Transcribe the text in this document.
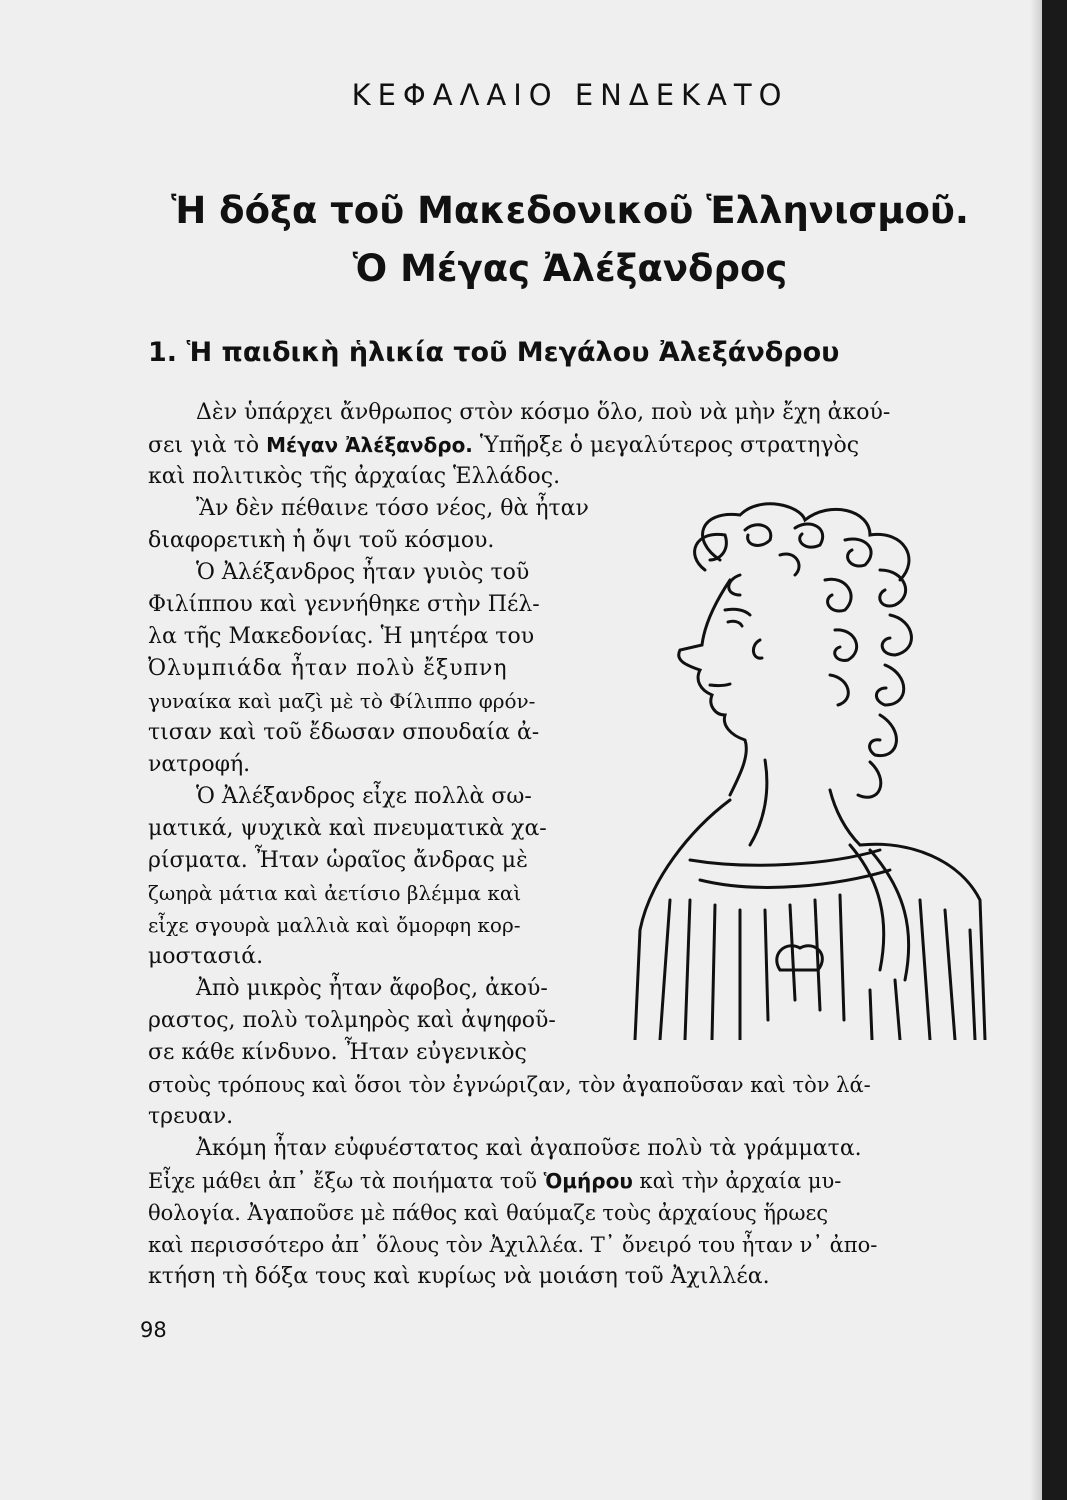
ΚΕΦΑΛΑΙΟ ΕΝΔΕΚΑΤΟ
Ἡ δόξα τοῦ Μακεδονικοῦ Ἑλληνισμοῦ.
Ὁ Μέγας Ἀλέξανδρος
1. Ἡ παιδικὴ ἡλικία τοῦ Μεγάλου Ἀλεξάνδρου
Δὲν ὑπάρχει ἄνθρωπος στὸν κόσμο ὅλο, ποὺ νὰ μὴν ἔχη ἀκού-
σει γιὰ τὸ Μέγαν Ἀλέξανδρο. Ὑπῆρξε ὁ μεγαλύτερος στρατηγὸς
καὶ πολιτικὸς τῆς ἀρχαίας Ἑλλάδος.
Ἂν δὲν πέθαινε τόσο νέος, θὰ ἦταν
διαφορετικὴ ἡ ὄψι τοῦ κόσμου.
Ὁ Ἀλέξανδρος ἦταν γυιὸς τοῦ
Φιλίππου καὶ γεννήθηκε στὴν Πέλ-
λα τῆς Μακεδονίας. Ἡ μητέρα του
Ὀλυμπιάδα ἦταν πολὺ ἔξυπνη
γυναίκα καὶ μαζὶ μὲ τὸ Φίλιππο φρόν-
τισαν καὶ τοῦ ἔδωσαν σπουδαία ἀ-
νατροφή.
Ὁ Ἀλέξανδρος εἶχε πολλὰ σω-
ματικά, ψυχικὰ καὶ πνευματικὰ χα-
ρίσματα. Ἦταν ὡραῖος ἄνδρας μὲ
ζωηρὰ μάτια καὶ ἀετίσιο βλέμμα καὶ
εἶχε σγουρὰ μαλλιὰ καὶ ὄμορφη κορ-
μοστασιά.
Ἀπὸ μικρὸς ἦταν ἄφοβος, ἀκού-
ραστος, πολὺ τολμηρὸς καὶ ἀψηφοῦ-
σε κάθε κίνδυνο. Ἦταν εὐγενικὸς
στοὺς τρόπους καὶ ὅσοι τὸν ἐγνώριζαν, τὸν ἀγαποῦσαν καὶ τὸν λά-
τρευαν.
Ἀκόμη ἦταν εὐφυέστατος καὶ ἀγαποῦσε πολὺ τὰ γράμματα.
Εἶχε μάθει ἀπ᾿ ἔξω τὰ ποιήματα τοῦ Ὁμήρου καὶ τὴν ἀρχαία μυ-
θολογία. Ἀγαποῦσε μὲ πάθος καὶ θαύμαζε τοὺς ἀρχαίους ἥρωες
καὶ περισσότερο ἀπ᾿ ὅλους τὸν Ἀχιλλέα. Τ᾿ ὄνειρό του ἦταν ν᾿ ἀπο-
κτήση τὴ δόξα τους καὶ κυρίως νὰ μοιάση τοῦ Ἀχιλλέα.
98
